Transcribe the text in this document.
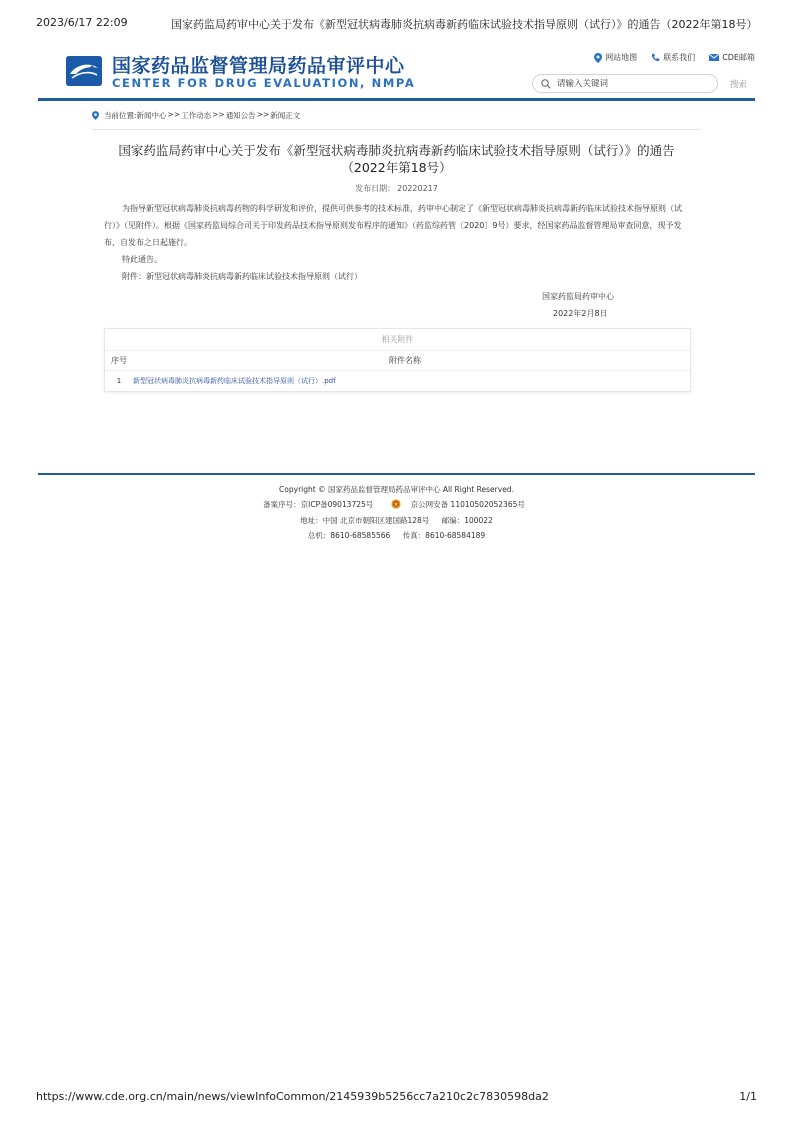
2023/6/17 22:09	国家药监局药审中心关于发布《新型冠状病毒肺炎抗病毒新药临床试验技术指导原则（试行）》的通告（2022年第18号）
国家药品监督管理局药品审评中心
CENTER FOR DRUG EVALUATION, NMPA
网站地图	联系我们	CDE邮箱
请输入关键词
搜索
当前位置: 新闻中心 >> 工作动态 >> 通知公告 >> 新闻正文
国家药监局药审中心关于发布《新型冠状病毒肺炎抗病毒新药临床试验技术指导原则（试行）》的通告（2022年第18号）
发布日期： 20220217

为指导新型冠状病毒肺炎抗病毒药物的科学研发和评价，提供可供参考的技术标准，药审中心制定了《新型冠状病毒肺炎抗病毒新药临床试验技术指导原则（试行）》（见附件）。根据《国家药监局综合司关于印发药品技术指导原则发布程序的通知》（药监综药管〔2020〕9号）要求，经国家药品监督管理局审查同意，现予发布，自发布之日起施行。

特此通告。

附件：新型冠状病毒肺炎抗病毒新药临床试验技术指导原则（试行）

国家药监局药审中心
2022年2月8日
相关附件
序号	附件名称
1	新型冠状病毒肺炎抗病毒新药临床试验技术指导原则（试行）.pdf
Copyright © 国家药品监督管理局药品审评中心 All Right Reserved.
备案序号：京ICP备09013725号	京公网安备 11010502052365号
地址：中国 北京市朝阳区建国路128号 邮编：100022
总机：8610-68585566 传真：8610-68584189
https://www.cde.org.cn/main/news/viewInfoCommon/2145939b5256cc7a210c2c7830598da2	1/1
